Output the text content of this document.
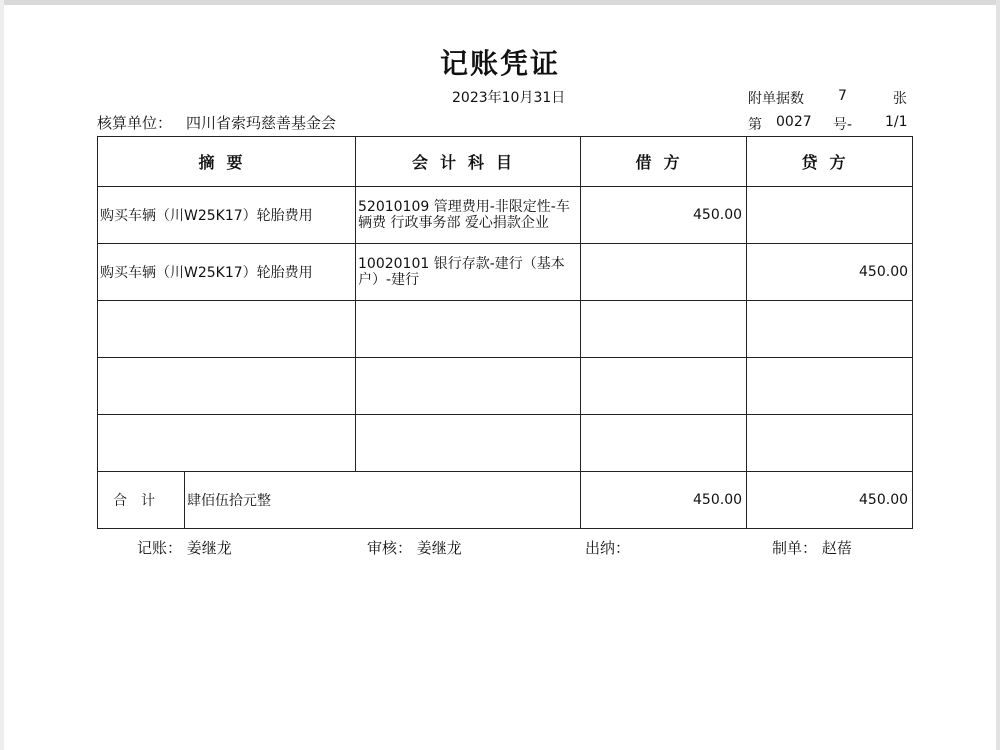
记账凭证
2023年10月31日	附单据数 7	张
核算单位： 四川省索玛慈善基金会	第 0027 号- 1/1
摘要		会计科目	借方	贷方
购买车辆（川W25K17）轮胎费用		52010109 管理费用-非限定性-车辆费 行政事务部 爱心捐款企业	450.00	
购买车辆（川W25K17）轮胎费用		10020101 银行存款-建行（基本户）-建行		450.00

合计	肆佰伍拾元整		450.00	450.00
记账： 姜继龙	审核： 姜继龙	出纳：	制单： 赵蓓
